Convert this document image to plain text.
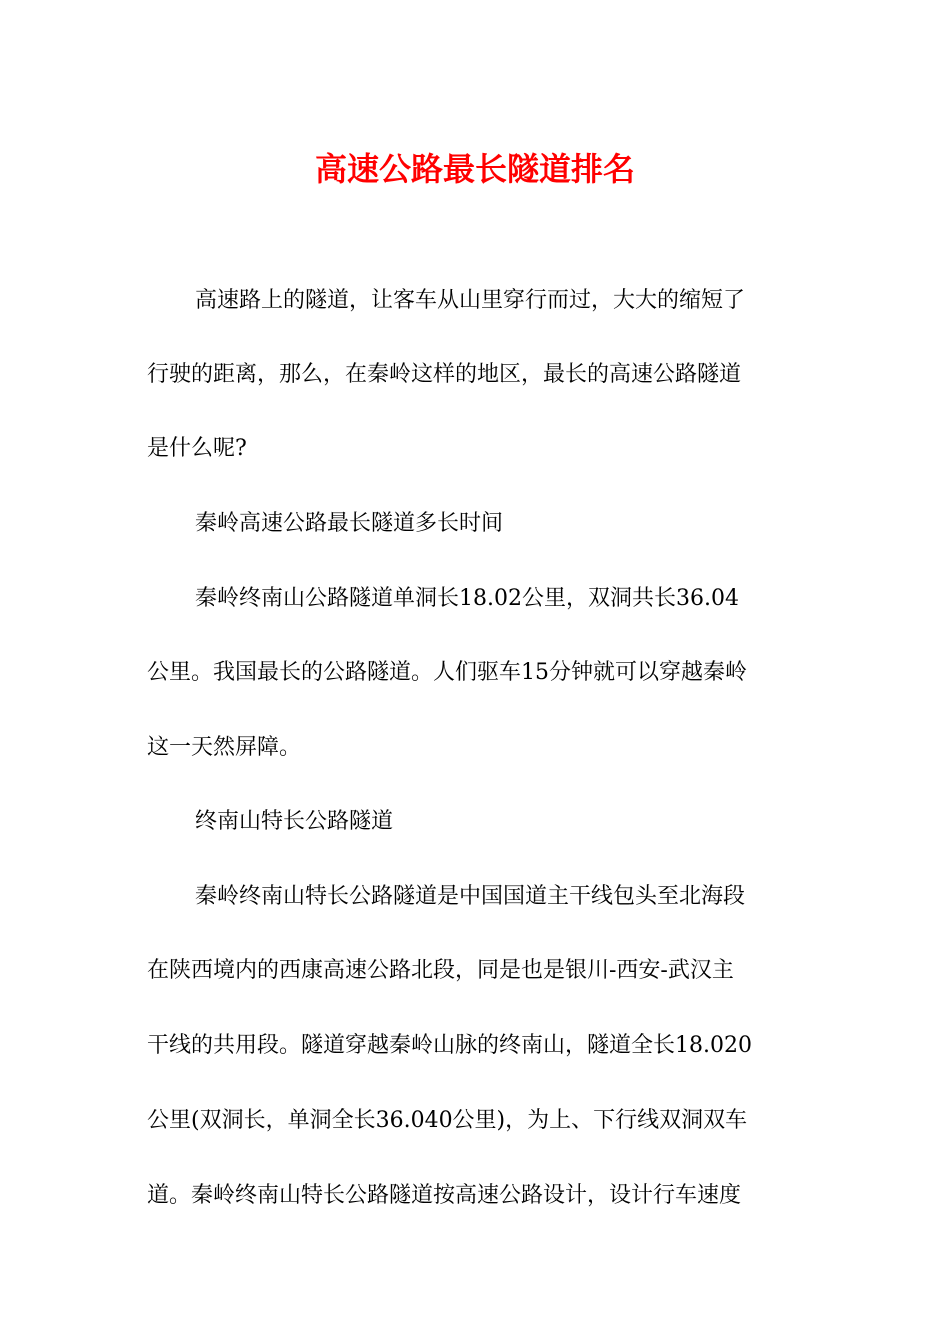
高速公路最长隧道排名
高速路上的隧道，让客车从山里穿行而过，大大的缩短了
行驶的距离，那么，在秦岭这样的地区，最长的高速公路隧道
是什么呢?
秦岭高速公路最长隧道多长时间
秦岭终南山公路隧道单洞长18.02公里，双洞共长36.04
公里。我国最长的公路隧道。人们驱车15分钟就可以穿越秦岭
这一天然屏障。
终南山特长公路隧道
秦岭终南山特长公路隧道是中国国道主干线包头至北海段
在陕西境内的西康高速公路北段，同是也是银川-西安-武汉主
干线的共用段。隧道穿越秦岭山脉的终南山，隧道全长18.020
公里(双洞长，单洞全长36.040公里)，为上、下行线双洞双车
道。秦岭终南山特长公路隧道按高速公路设计，设计行车速度
